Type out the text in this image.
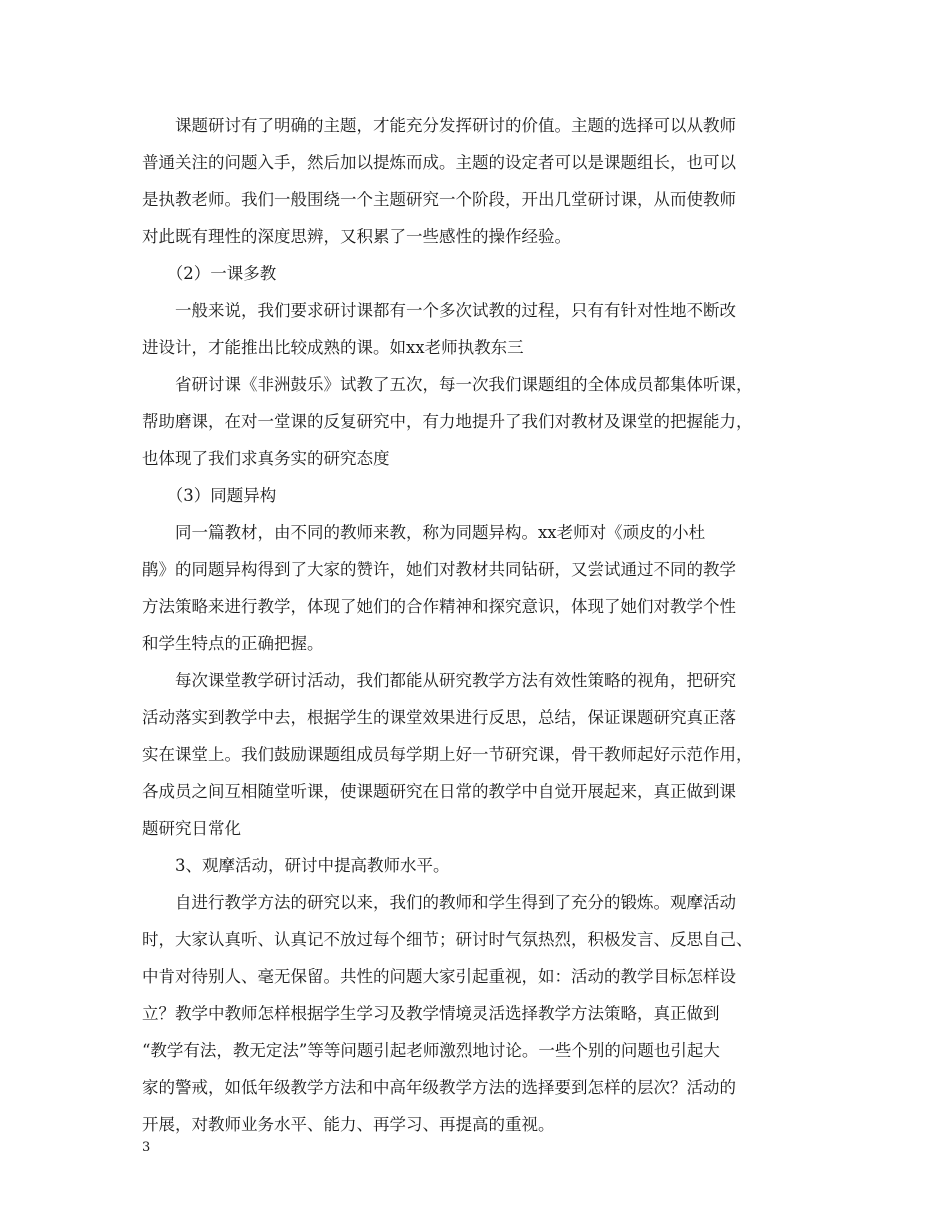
　　课题研讨有了明确的主题，才能充分发挥研讨的价值。主题的选择可以从教师
普通关注的问题入手，然后加以提炼而成。主题的设定者可以是课题组长，也可以
是执教老师。我们一般围绕一个主题研究一个阶段，开出几堂研讨课，从而使教师
对此既有理性的深度思辨，又积累了一些感性的操作经验。
　　（2）一课多教
　　一般来说，我们要求研讨课都有一个多次试教的过程，只有有针对性地不断改
进设计，才能推出比较成熟的课。如xx老师执教东三
　　省研讨课《非洲鼓乐》试教了五次，每一次我们课题组的全体成员都集体听课，
帮助磨课，在对一堂课的反复研究中，有力地提升了我们对教材及课堂的把握能力，
也体现了我们求真务实的研究态度
　　（3）同题异构
　　同一篇教材，由不同的教师来教，称为同题异构。xx老师对《顽皮的小杜
鹃》的同题异构得到了大家的赞许，她们对教材共同钻研，又尝试通过不同的教学
方法策略来进行教学，体现了她们的合作精神和探究意识，体现了她们对教学个性
和学生特点的正确把握。
　　每次课堂教学研讨活动，我们都能从研究教学方法有效性策略的视角，把研究
活动落实到教学中去，根据学生的课堂效果进行反思，总结，保证课题研究真正落
实在课堂上。我们鼓励课题组成员每学期上好一节研究课，骨干教师起好示范作用，
各成员之间互相随堂听课，使课题研究在日常的教学中自觉开展起来，真正做到课
题研究日常化
　　3、观摩活动，研讨中提高教师水平。
　　自进行教学方法的研究以来，我们的教师和学生得到了充分的锻炼。观摩活动
时，大家认真听、认真记不放过每个细节；研讨时气氛热烈，积极发言、反思自己、
中肯对待别人、毫无保留。共性的问题大家引起重视，如：活动的教学目标怎样设
立？教学中教师怎样根据学生学习及教学情境灵活选择教学方法策略，真正做到
“教学有法，教无定法”等等问题引起老师激烈地讨论。一些个别的问题也引起大
家的警戒，如低年级教学方法和中高年级教学方法的选择要到怎样的层次？活动的
开展，对教师业务水平、能力、再学习、再提高的重视。
3
